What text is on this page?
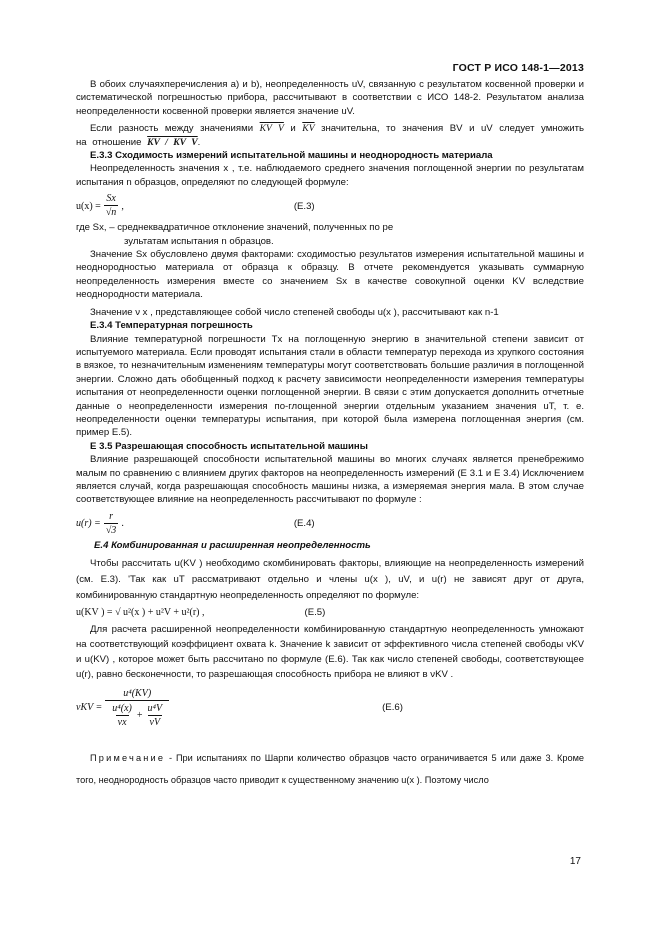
ГОСТ Р ИСО 148-1—2013

В обоих случаяхперечисления a) и b), неопределенность uV, связанную с результатом косвенной проверки и систематической погрешностью прибора, рассчитывают в соответствии с ИСО 148-2. Результатом анализа неопределенности косвенной проверки является значение uV.

Если разность между значениями KV V и $\overline{KV}$ значительна, то значения BV и uV следует умножить на отношение KV / KV V.

E.3.3 Сходимость измерений испытательной машины и неоднородность материала

Неопределенность значения x , т.е. наблюдаемого среднего значения поглощенной энергии по результатам испытания n образцов, определяют по следующей формуле:

$u(x) = \frac{Sx}{√n}$ ,	(E.3)

где Sx, – среднеквадратичное отклонение значений, полученных по ре

зультатам испытания n образцов.

Значение Sx обусловлено двумя факторами: сходимостью результатов измерения испытательной машины и неоднородностью материала от образца к образцу. В отчете рекомендуется указывать суммарную неопределенность измерения вместе со значением Sx в качестве совокупной оценки KV вследствие неоднородности материала.

Значение ν x , представляющее собой число степеней свободы u(x ), рассчитывают как n-1

E.3.4 Температурная погрешность

Влияние температурной погрешности Tx на поглощенную энергию в значительной степени зависит от испытуемого материала. Если проводят испытания стали в области температур перехода из хрупкого состояния в вязкое, то незначительным изменениям температуры могут соответствовать большие различия в поглощенной энергии. Сложно дать обобщенный подход к расчету зависимости неопределенности измерения температуры испытания от неопределенности оценки поглощенной энергии. В связи с этим допускается дополнить отчетные данные о неопределенности измерения по-глощенной энергии отдельным указанием значения uT, т. е. неопределенности оценки температуры испытания, при которой была измерена поглощенная энергия (см. пример E.5).

E 3.5 Разрешающая способность испытательной машины

Влияние разрешающей способности испытательной машины во многих случаях является пренебрежимо малым по сравнению с влиянием других факторов на неопределенность измерений (E 3.1 и E 3.4) Исключением является случай, когда разрешающая способность машины низка, а измеряемая энергия мала. В этом случае соответствующее влияние на неопределенность рассчитывают по формуле :

$u(r) = \frac{r}{√3}$ .	(E.4)

E.4 Комбинированная и расширенная неопределенность

Чтобы рассчитать u(KV ) необходимо скомбинировать факторы, влияющие на неопределенность измерений (см. E.3). 'Так как uT рассматривают отдельно и члены u(x ), uV, и u(r) не зависят друг от друга, комбинированную стандартную неопределенность определяют по формуле:

u(KV ) = √ u²(x ) + u²V + u²(r) ,	(E.5)

Для расчета расширенной неопределенности комбинированную стандартную неопределенность умножают на соответствующий коэффициент охвата k. Значение k зависит от эффективного числа степеней свободы νKV и u(KV) , которое может быть рассчитано по формуле (E.6). Так как число степеней свободы, соответствующее u(r), равно бесконечности, то разрешающая способность прибора не влияют в νKV .

νKV =
u⁴(KV)
$\frac{\text{u⁴(x)}}{\nu x} + \frac{\text{u⁴V}}{\nu V}$	(E.6)

Примечание - При испытаниях по Шарпи количество образцов часто ограничивается 5 или даже 3. Кроме того, неоднородность образцов часто приводит к существенному значению u(x ). Поэтому число

17
